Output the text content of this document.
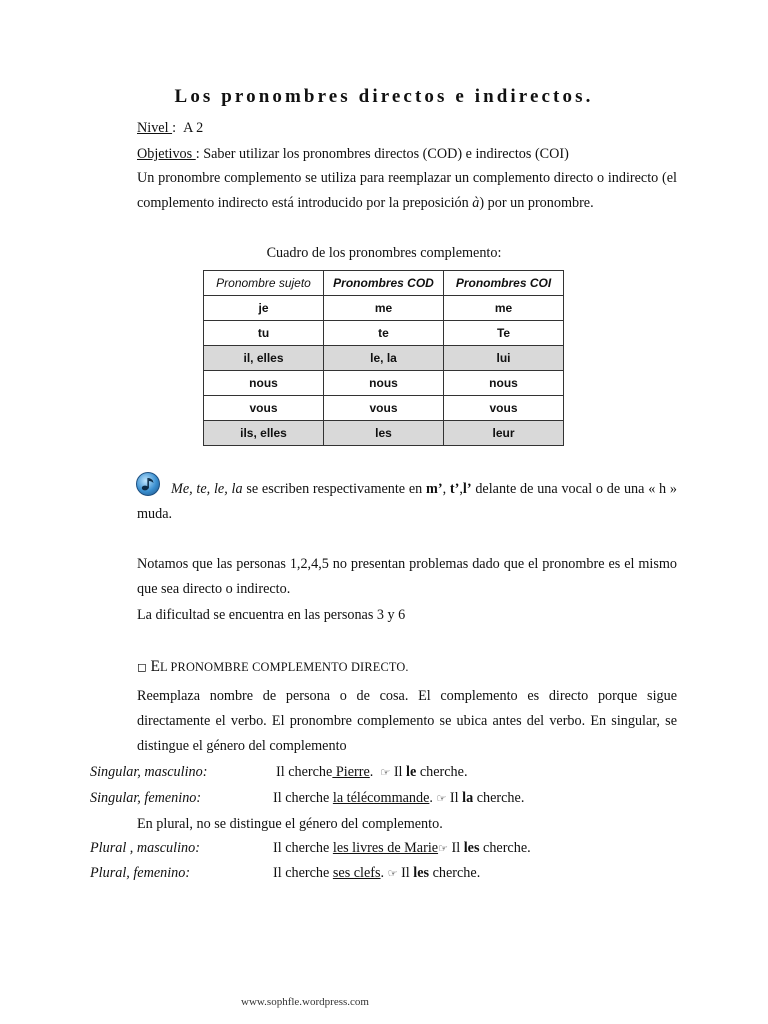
Los pronombres directos e indirectos.
Nivel : A 2
Objetivos : Saber utilizar los pronombres directos (COD) e indirectos (COI)

Un pronombre complemento se utiliza para reemplazar un complemento directo o indirecto (el complemento indirecto está introducido por la preposición à) por un pronombre.

Cuadro de los pronombres complemento:
Pronombre sujeto	Pronombres COD	Pronombres COI
je	me	me
tu	te	Te
il, elles	le, la	lui
nous	nous	nous
vous	vous	vous
ils, elles	les	leur

Me, te, le, la se escriben respectivamente en m’, t’,l’ delante de una vocal o de una « h » muda.

Notamos que las personas 1,2,4,5 no presentan problemas dado que el pronombre es el mismo que sea directo o indirecto.

La dificultad se encuentra en las personas 3 y 6
◻ EL PRONOMBRE COMPLEMENTO DIRECTO.

Reemplaza nombre de persona o de cosa. El complemento es directo porque sigue directamente el verbo. El pronombre complemento se ubica antes del verbo. En singular, se distingue el género del complemento

Singular, masculino:	Il cherche Pierre. ☞ Il le cherche.
Singular, femenino:	Il cherche la télécommande. ☞ Il la cherche.
En plural, no se distingue el género del complemento.
Plural , masculino:	Il cherche les livres de Marie☞ Il les cherche.
Plural, femenino:	Il cherche ses clefs. ☞ Il les cherche.
www.sophfle.wordpress.com
